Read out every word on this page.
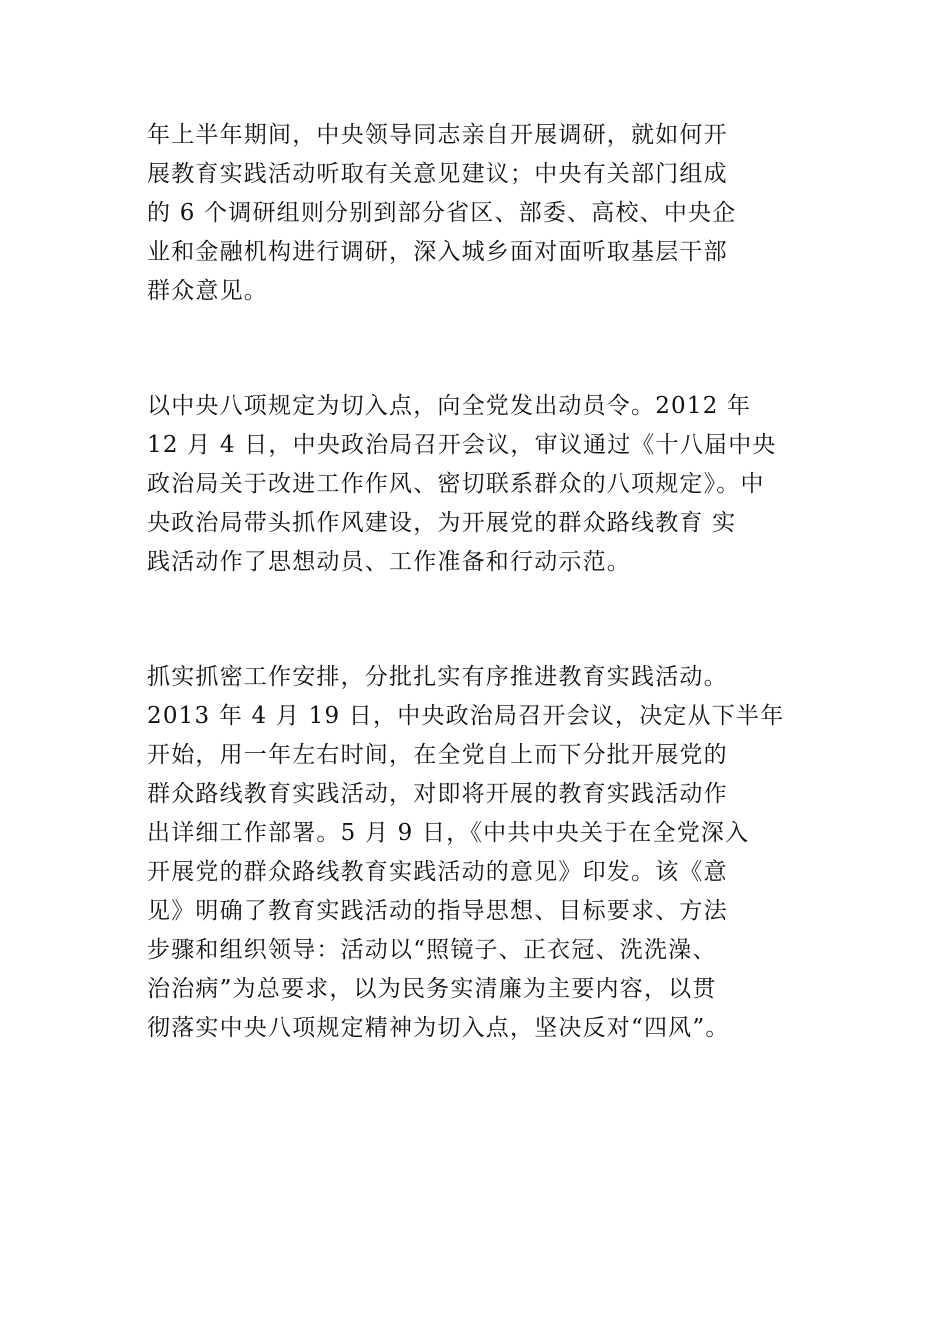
年上半年期间，中央领导同志亲自开展调研，就如何开
展教育实践活动听取有关意见建议；中央有关部门组成
的 6 个调研组则分别到部分省区、部委、高校、中央企
业和金融机构进行调研，深入城乡面对面听取基层干部
群众意见。
以中央八项规定为切入点，向全党发出动员令。2012 年
12 月 4 日，中央政治局召开会议，审议通过《十八届中央
政治局关于改进工作作风、密切联系群众的八项规定》。中
央政治局带头抓作风建设，为开展党的群众路线教育 实
践活动作了思想动员、工作准备和行动示范。
抓实抓密工作安排，分批扎实有序推进教育实践活动。
2013 年 4 月 19 日，中央政治局召开会议，决定从下半年
开始，用一年左右时间，在全党自上而下分批开展党的
群众路线教育实践活动，对即将开展的教育实践活动作
出详细工作部署。5 月 9 日，《中共中央关于在全党深入
开展党的群众路线教育实践活动的意见》印发。该《意
见》明确了教育实践活动的指导思想、目标要求、方法
步骤和组织领导：活动以“照镜子、正衣冠、洗洗澡、
治治病”为总要求，以为民务实清廉为主要内容，以贯
彻落实中央八项规定精神为切入点，坚决反对“四风”。
